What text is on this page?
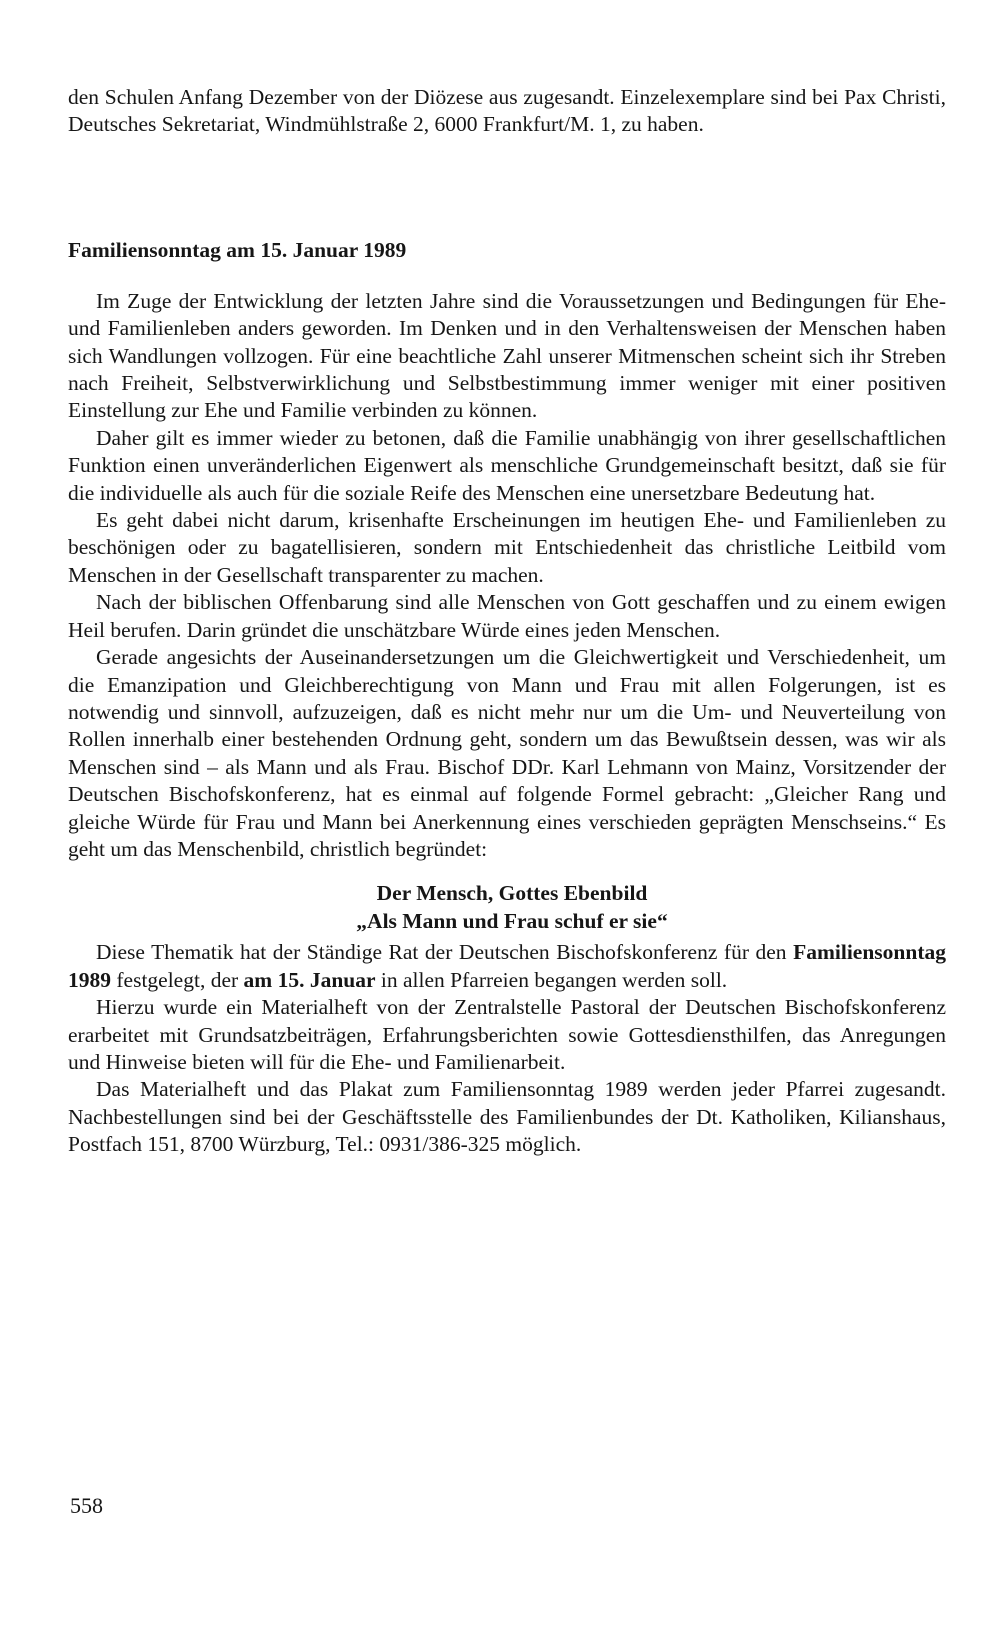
den Schulen Anfang Dezember von der Diözese aus zugesandt. Einzelexemplare sind bei Pax Christi, Deutsches Sekretariat, Windmühlstraße 2, 6000 Frankfurt/M. 1, zu haben.

Familiensonntag am 15. Januar 1989

Im Zuge der Entwicklung der letzten Jahre sind die Voraussetzungen und Bedingungen für Ehe- und Familienleben anders geworden. Im Denken und in den Verhaltensweisen der Menschen haben sich Wandlungen vollzogen. Für eine beachtliche Zahl unserer Mitmenschen scheint sich ihr Streben nach Freiheit, Selbstverwirklichung und Selbstbestimmung immer weniger mit einer positiven Einstellung zur Ehe und Familie verbinden zu können.

Daher gilt es immer wieder zu betonen, daß die Familie unabhängig von ihrer gesellschaftlichen Funktion einen unveränderlichen Eigenwert als menschliche Grundgemeinschaft besitzt, daß sie für die individuelle als auch für die soziale Reife des Menschen eine unersetzbare Bedeutung hat.

Es geht dabei nicht darum, krisenhafte Erscheinungen im heutigen Ehe- und Familienleben zu beschönigen oder zu bagatellisieren, sondern mit Entschiedenheit das christliche Leitbild vom Menschen in der Gesellschaft transparenter zu machen.

Nach der biblischen Offenbarung sind alle Menschen von Gott geschaffen und zu einem ewigen Heil berufen. Darin gründet die unschätzbare Würde eines jeden Menschen.

Gerade angesichts der Auseinandersetzungen um die Gleichwertigkeit und Verschiedenheit, um die Emanzipation und Gleichberechtigung von Mann und Frau mit allen Folgerungen, ist es notwendig und sinnvoll, aufzuzeigen, daß es nicht mehr nur um die Um- und Neuverteilung von Rollen innerhalb einer bestehenden Ordnung geht, sondern um das Bewußtsein dessen, was wir als Menschen sind – als Mann und als Frau. Bischof DDr. Karl Lehmann von Mainz, Vorsitzender der Deutschen Bischofskonferenz, hat es einmal auf folgende Formel gebracht: „Gleicher Rang und gleiche Würde für Frau und Mann bei Anerkennung eines verschieden geprägten Menschseins.“ Es geht um das Menschenbild, christlich begründet:

Der Mensch, Gottes Ebenbild
„Als Mann und Frau schuf er sie“

Diese Thematik hat der Ständige Rat der Deutschen Bischofskonferenz für den Familiensonntag 1989 festgelegt, der am 15. Januar in allen Pfarreien begangen werden soll.

Hierzu wurde ein Materialheft von der Zentralstelle Pastoral der Deutschen Bischofskonferenz erarbeitet mit Grundsatzbeiträgen, Erfahrungsberichten sowie Gottesdiensthilfen, das Anregungen und Hinweise bieten will für die Ehe- und Familienarbeit.

Das Materialheft und das Plakat zum Familiensonntag 1989 werden jeder Pfarrei zugesandt. Nachbestellungen sind bei der Geschäftsstelle des Familienbundes der Dt. Katholiken, Kilianshaus, Postfach 151, 8700 Würzburg, Tel.: 0931/386-325 möglich.

558
